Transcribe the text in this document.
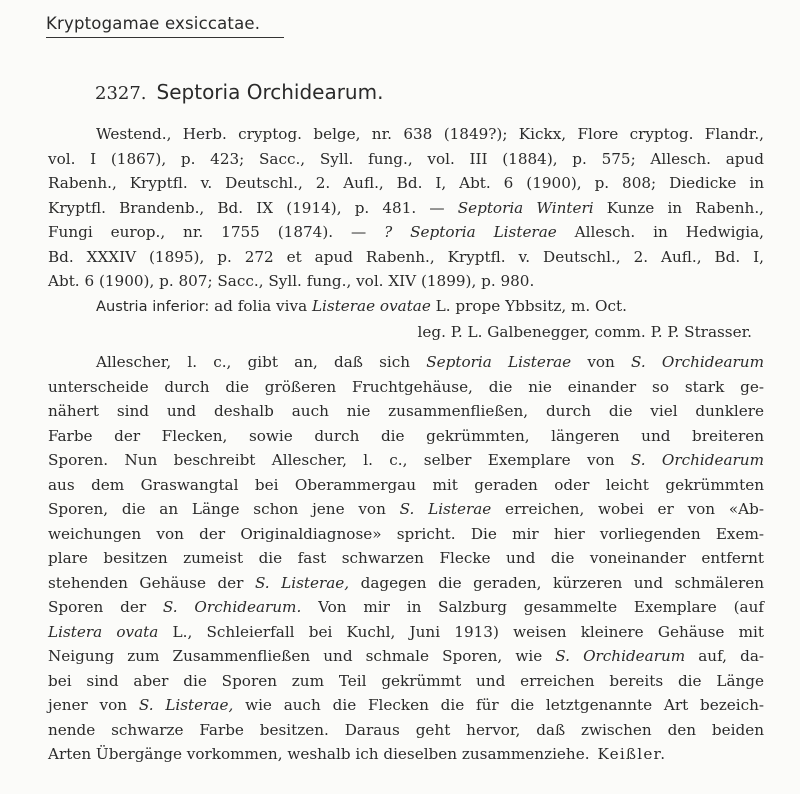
Kryptogamae exsiccatae.
2327. Septoria Orchidearum.
Westend., Herb. cryptog. belge, nr. 638 (1849?); Kickx, Flore cryptog. Flandr.,
vol. I (1867), p. 423; Sacc., Syll. fung., vol. III (1884), p. 575; Allesch. apud
Rabenh., Kryptfl. v. Deutschl., 2. Aufl., Bd. I, Abt. 6 (1900), p. 808; Diedicke in
Kryptfl. Brandenb., Bd. IX (1914), p. 481. — Septoria Winteri Kunze in Rabenh.,
Fungi europ., nr. 1755 (1874). — ? Septoria Listerae Allesch. in Hedwigia,
Bd. XXXIV (1895), p. 272 et apud Rabenh., Kryptfl. v. Deutschl., 2. Aufl., Bd. I,
Abt. 6 (1900), p. 807; Sacc., Syll. fung., vol. XIV (1899), p. 980.
Austria inferior: ad folia viva Listerae ovatae L. prope Ybbsitz, m. Oct.
leg. P. L. Galbenegger, comm. P. P. Strasser.
Allescher, l. c., gibt an, daß sich Septoria Listerae von S. Orchidearum
unterscheide durch die größeren Fruchtgehäuse, die nie einander so stark ge-
nähert sind und deshalb auch nie zusammenfließen, durch die viel dunklere
Farbe der Flecken, sowie durch die gekrümmten, längeren und breiteren
Sporen. Nun beschreibt Allescher, l. c., selber Exemplare von S. Orchidearum
aus dem Graswangtal bei Oberammergau mit geraden oder leicht gekrümmten
Sporen, die an Länge schon jene von S. Listerae erreichen, wobei er von «Ab-
weichungen von der Originaldiagnose» spricht. Die mir hier vorliegenden Exem-
plare besitzen zumeist die fast schwarzen Flecke und die voneinander entfernt
stehenden Gehäuse der S. Listerae, dagegen die geraden, kürzeren und schmäleren
Sporen der S. Orchidearum. Von mir in Salzburg gesammelte Exemplare (auf
Listera ovata L., Schleierfall bei Kuchl, Juni 1913) weisen kleinere Gehäuse mit
Neigung zum Zusammenfließen und schmale Sporen, wie S. Orchidearum auf, da-
bei sind aber die Sporen zum Teil gekrümmt und erreichen bereits die Länge
jener von S. Listerae, wie auch die Flecken die für die letztgenannte Art bezeich-
nende schwarze Farbe besitzen. Daraus geht hervor, daß zwischen den beiden
Arten Übergänge vorkommen, weshalb ich dieselben zusammenziehe. Keißler.
